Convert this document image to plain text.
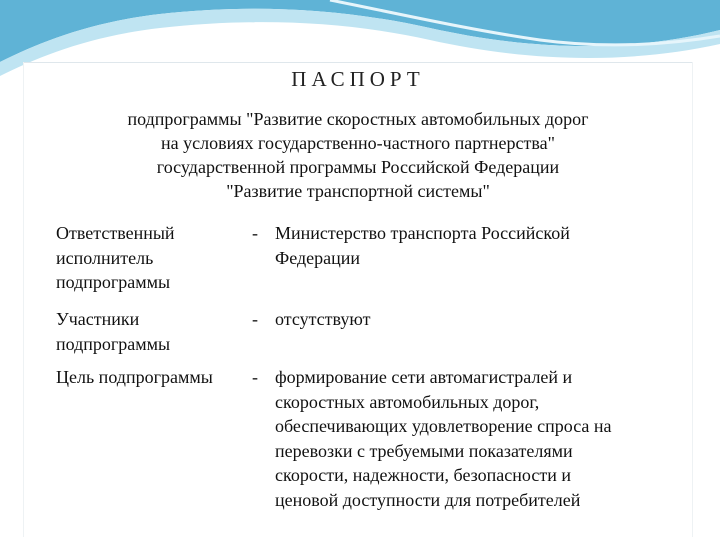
ПАСПОРТ
подпрограммы "Развитие скоростных автомобильных дорог
на условиях государственно-частного партнерства"
государственной программы Российской Федерации
"Развитие транспортной системы"
Ответственный
исполнитель
подпрограммы
- Министерство транспорта Российской
Федерации
Участники
подпрограммы
- отсутствуют
Цель подпрограммы	- формирование сети автомагистралей и
скоростных автомобильных дорог,
обеспечивающих удовлетворение спроса на
перевозки с требуемыми показателями
скорости, надежности, безопасности и
ценовой доступности для потребителей
